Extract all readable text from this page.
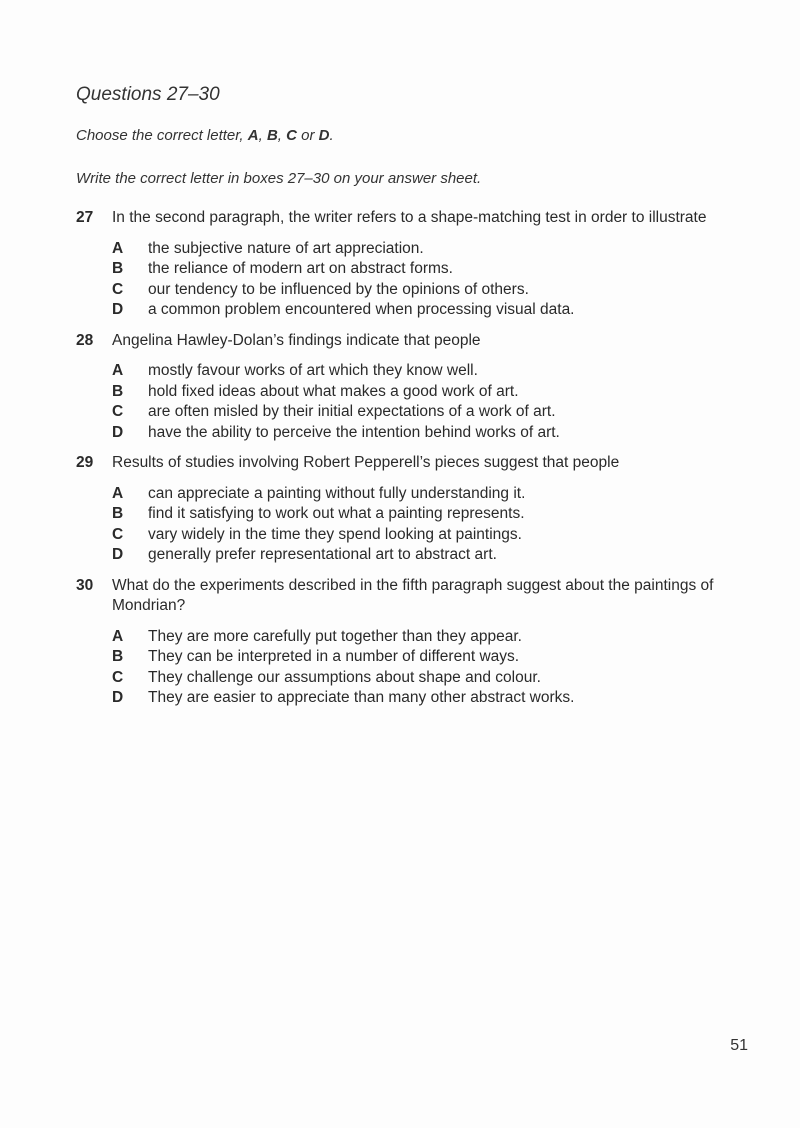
Questions 27–30

Choose the correct letter, A, B, C or D.

Write the correct letter in boxes 27–30 on your answer sheet.

27	In the second paragraph, the writer refers to a shape-matching test in order to illustrate
A	the subjective nature of art appreciation.
B	the reliance of modern art on abstract forms.
C	our tendency to be influenced by the opinions of others.
D	a common problem encountered when processing visual data.
28	Angelina Hawley-Dolan’s findings indicate that people
A	mostly favour works of art which they know well.
B	hold fixed ideas about what makes a good work of art.
C	are often misled by their initial expectations of a work of art.
D	have the ability to perceive the intention behind works of art.
29	Results of studies involving Robert Pepperell’s pieces suggest that people
A	can appreciate a painting without fully understanding it.
B	find it satisfying to work out what a painting represents.
C	vary widely in the time they spend looking at paintings.
D	generally prefer representational art to abstract art.
30	What do the experiments described in the fifth paragraph suggest about the paintings of Mondrian?
A	They are more carefully put together than they appear.
B	They can be interpreted in a number of different ways.
C	They challenge our assumptions about shape and colour.
D	They are easier to appreciate than many other abstract works.
51
